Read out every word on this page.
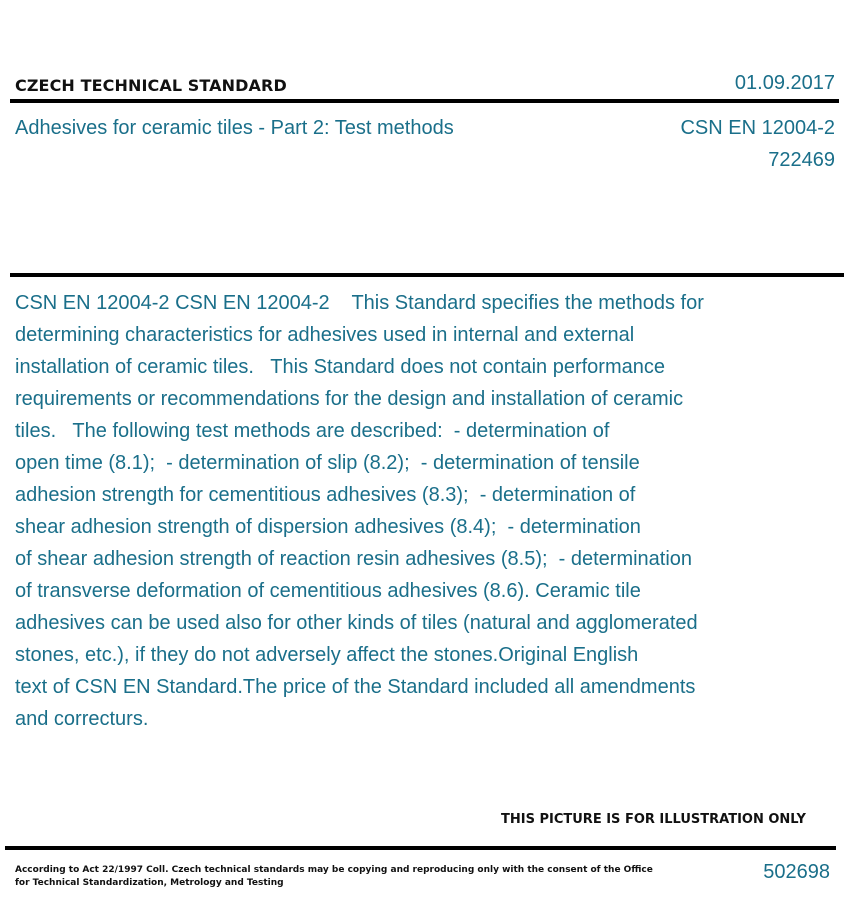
CZECH TECHNICAL STANDARD	01.09.2017
Adhesives for ceramic tiles - Part 2: Test methods	CSN EN 12004-2
722469
CSN EN 12004-2 CSN EN 12004-2    This Standard specifies the methods for
determining characteristics for adhesives used in internal and external
installation of ceramic tiles.   This Standard does not contain performance
requirements or recommendations for the design and installation of ceramic
tiles.   The following test methods are described:  - determination of
open time (8.1);  - determination of slip (8.2);  - determination of tensile
adhesion strength for cementitious adhesives (8.3);  - determination of
shear adhesion strength of dispersion adhesives (8.4);  - determination
of shear adhesion strength of reaction resin adhesives (8.5);  - determination
of transverse deformation of cementitious adhesives (8.6). Ceramic tile
adhesives can be used also for other kinds of tiles (natural and agglomerated
stones, etc.), if they do not adversely affect the stones.Original English
text of CSN EN Standard.The price of the Standard included all amendments
and correcturs.
THIS PICTURE IS FOR ILLUSTRATION ONLY
According to Act 22/1997 Coll. Czech technical standards may be copying and reproducing only with the consent of the Office
for Technical Standardization, Metrology and Testing	502698
